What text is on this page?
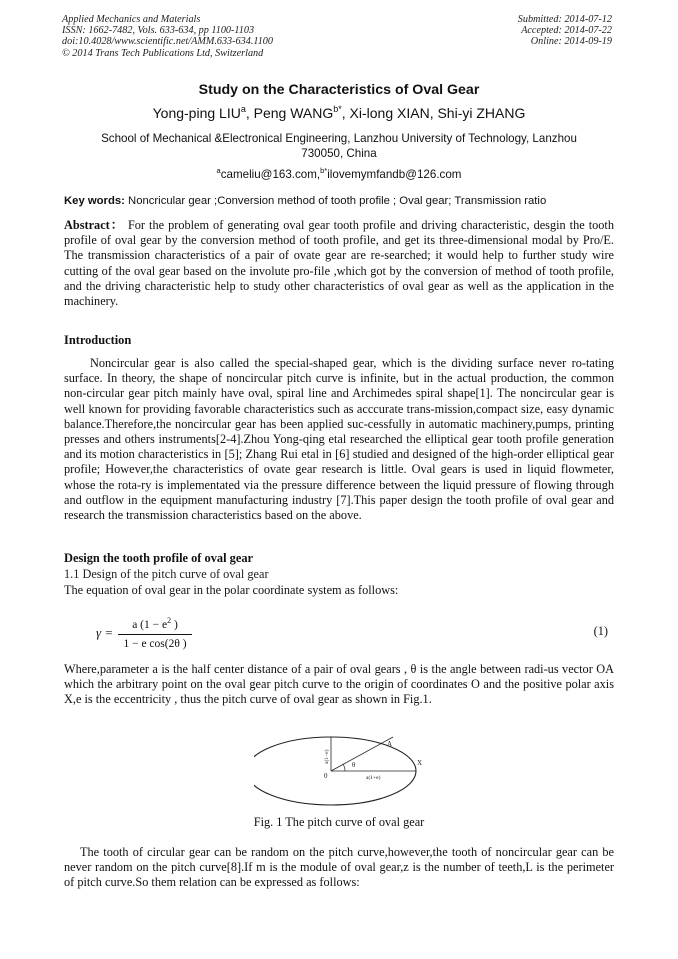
Applied Mechanics and Materials
ISSN: 1662-7482, Vols. 633-634, pp 1100-1103
doi:10.4028/www.scientific.net/AMM.633-634.1100
© 2014 Trans Tech Publications Ltd, Switzerland
Submitted: 2014-07-12
Accepted: 2014-07-22
Online: 2014-09-19
Study on the Characteristics of Oval Gear
Yong-ping LIU$^a$, Peng $WANG^{b*}$, Xi-long XIAN, Shi-yi ZHANG
School of Mechanical &Electronical Engineering, Lanzhou University of Technology, Lanzhou 730050, China
$^a$cameliu@163.com,$^{b*}$ilovemymfandb@126.com
Key words: Noncricular gear ;Conversion method of tooth profile ; Oval gear; Transmission ratio

Abstract： For the problem of generating oval gear tooth profile and driving characteristic, desgin the tooth profile of oval gear by the conversion method of tooth profile, and get its three-dimensional modal by Pro/E. The transmission characteristics of a pair of ovate gear are re-searched; it would help to further study wire cutting of the oval gear based on the involute pro-file ,which got by the conversion of method of tooth profile, and the driving characteristic help to study other characteristics of oval gear as well as the application in the machinery.

Introduction
Noncircular gear is also called the special-shaped gear, which is the dividing surface never ro-tating surface. In theory, the shape of noncircular pitch curve is infinite, but in the actual production, the common non-circular gear pitch mainly have oval, spiral line and Archimedes spiral shape[1]. The noncircular gear is well known for providing favorable characteristics such as acccurate trans-mission,compact size, easy dynamic balance.Therefore,the noncircular gear has been applied suc-cessfully in automatic machinery,pumps, printing presses and others instruments[2-4].Zhou Yong-qing etal researched the elliptical gear tooth profile generation and its motion characteristics in [5]; Zhang Rui etal in [6] studied and designed of the high-order elliptical gear profile; However,the characteristics of ovate gear research is little. Oval gears is used in liquid flowmeter, whose the rota-ry is implementated via the pressure difference between the liquid pressure of flowing through and outflow in the equipment manufacturing industry [7].This paper design the tooth profile of oval gear and research the transmission characteristics based on the above.
Design the tooth profile of oval gear
1.1 Design of the pitch curve of oval gear
The equation of oval gear in the polar coordinate system as follows:
γ =	a ($1 - e^2$ )
1 − e cos(2θ )
(1)
Where,parameter a is the half center distance of a pair of oval gears , θ is the angle between radi-us vector OA which the arbitrary point on the oval gear pitch curve to the origin of coordinates O and the positive polar axis X,e is the eccentricity , thus the pitch curve of oval gear as shown in Fig.1.
A
0
θ	X
a(1+e)
a(1−e)
Fig. 1 The pitch curve of oval gear
The tooth of circular gear can be random on the pitch curve,however,the tooth of noncircular gear can be never random on the pitch curve[8].If m is the module of oval gear,z is the number of teeth,L is the perimeter of pitch curve.So them relation can be expressed as follows:
